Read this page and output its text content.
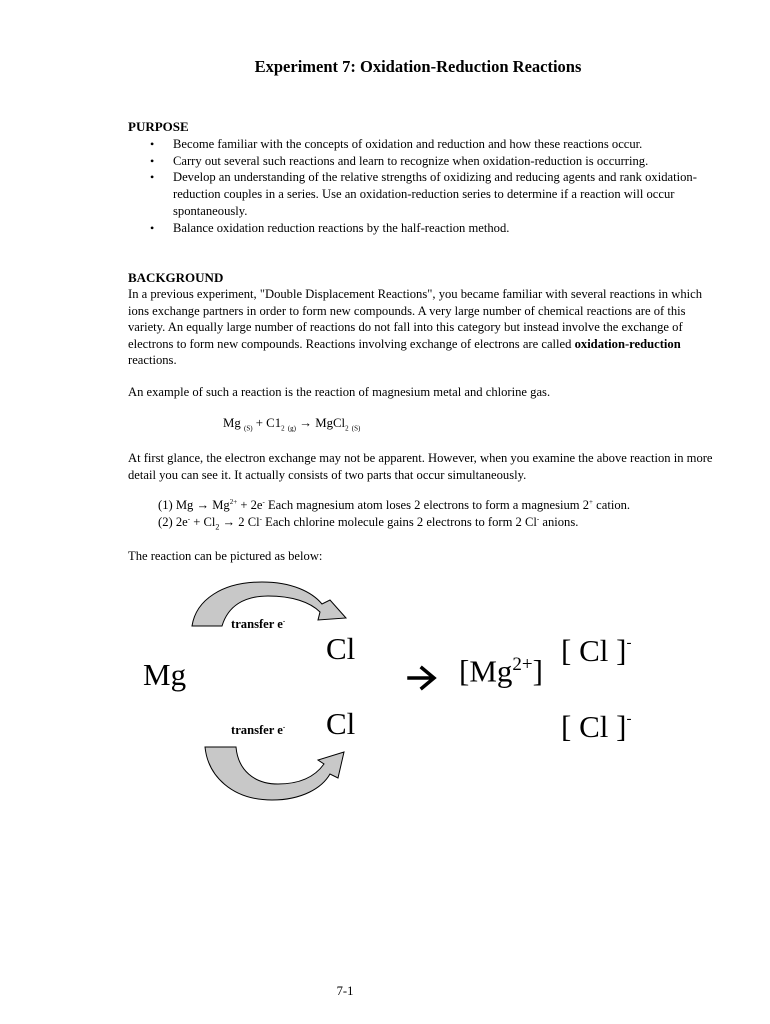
Experiment 7: Oxidation-Reduction Reactions
PURPOSE
• Become familiar with the concepts of oxidation and reduction and how these reactions occur.
• Carry out several such reactions and learn to recognize when oxidation-reduction is occurring.
• Develop an understanding of the relative strengths of oxidizing and reducing agents and rank oxidation-reduction couples in a series. Use an oxidation-reduction series to determine if a reaction will occur spontaneously.
• Balance oxidation reduction reactions by the half-reaction method.
BACKGROUND

In a previous experiment, "Double Displacement Reactions", you became familiar with several reactions in which ions exchange partners in order to form new compounds. A very large number of chemical reactions are of this variety. An equally large number of reactions do not fall into this category but instead involve the exchange of electrons to form new compounds. Reactions involving exchange of electrons are called oxidation-reduction reactions.

An example of such a reaction is the reaction of magnesium metal and chlorine gas.

Mg $_{(S)} + C1_2$ $_{(g)}$ → MgCl$_2$ $_{(S)}$

At first glance, the electron exchange may not be apparent. However, when you examine the above reaction in more detail you can see it. It actually consists of two parts that occur simultaneously.

(1) $Mg \to Mg^{2+} + 2e^-$ Each magnesium atom loses 2 electrons to form a magnesium 2+ cation.
(2) $2e^- + Cl_2 \to 2$ Cl- Each chlorine molecule gains 2 electrons to form 2 Cl- anions.

The reaction can be pictured as below:

transfer e-
transfer e-
Cl
Cl
Mg	$[Mg^{2+}]$
[ Cl ]-
[ Cl ]-
7-1
